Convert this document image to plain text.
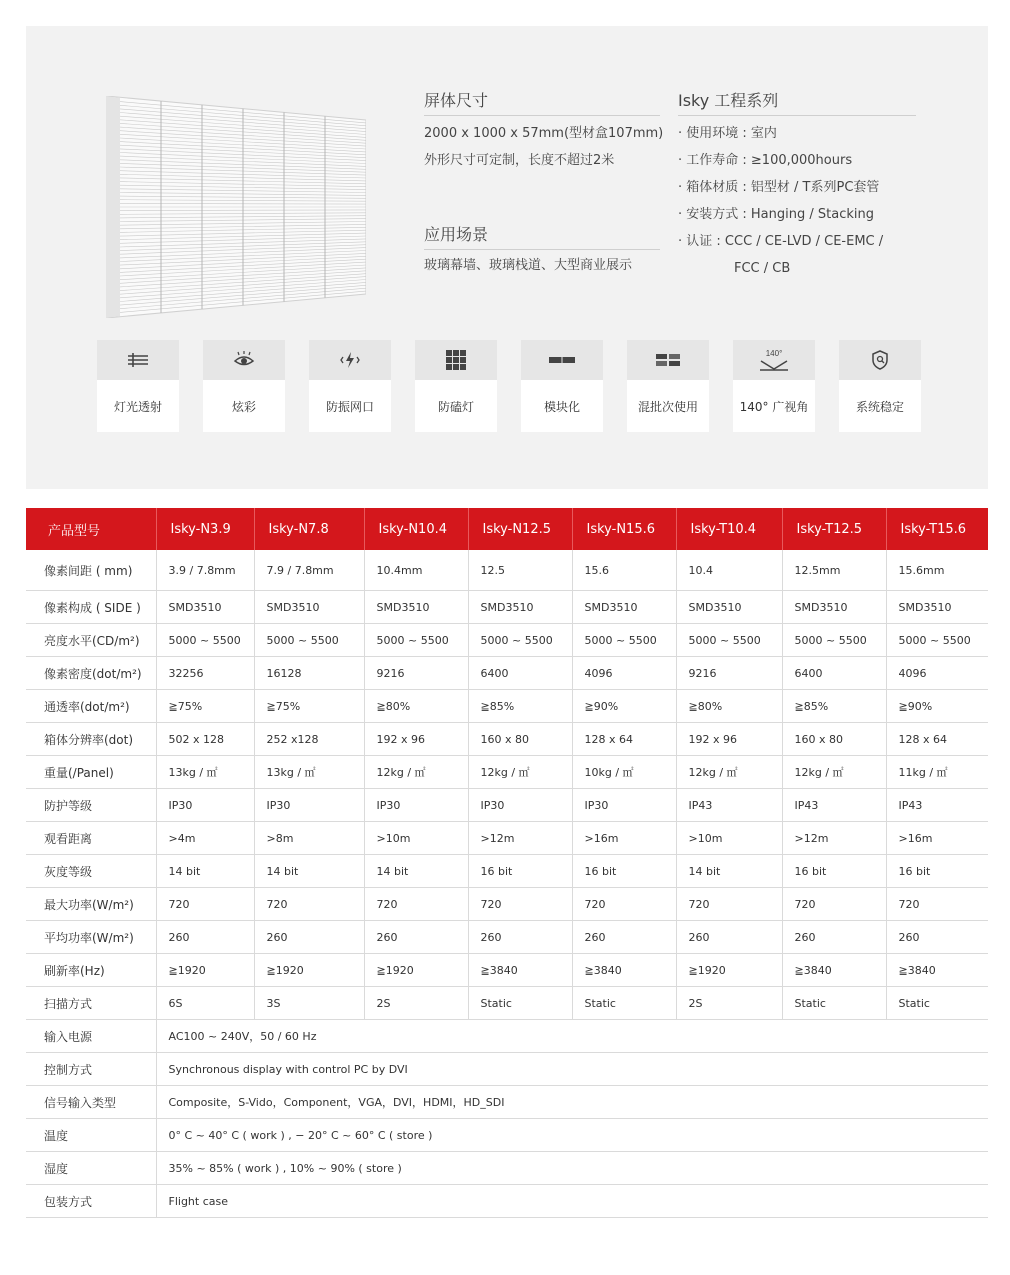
屏体尺寸
2000 x 1000 x 57mm(型材盒107mm)
外形尺寸可定制，长度不超过2米
应用场景
玻璃幕墙、玻璃栈道、大型商业展示
Isky 工程系列
· 使用环境 : 室内
· 工作寿命 : ≥100,000hours
· 箱体材质 : 铝型材 / T系列PC套管
· 安装方式 : Hanging / Stacking
· 认证 : CCC / CE-LVD / CE-EMC /
FCC / CB
灯光透射	炫彩	防振网口	防磕灯	模块化	混批次使用
140°
140° 广视角	系统稳定
产品型号	Isky-N3.9	Isky-N7.8	Isky-N10.4	Isky-N12.5	Isky-N15.6	Isky-T10.4	Isky-T12.5	Isky-T15.6
像素间距 ( mm)	3.9 / 7.8mm	7.9 / 7.8mm	10.4mm	12.5	15.6	10.4	12.5mm	15.6mm
像素构成 ( SIDE )	SMD3510	SMD3510	SMD3510	SMD3510	SMD3510	SMD3510	SMD3510	SMD3510
亮度水平(CD/m²)	5000 ~ 5500	5000 ~ 5500	5000 ~ 5500	5000 ~ 5500	5000 ~ 5500	5000 ~ 5500	5000 ~ 5500	5000 ~ 5500
像素密度(dot/m²)	32256	16128	9216	6400	4096	9216	6400	4096
通透率(dot/m²)	≧75%	≧75%	≧80%	≧85%	≧90%	≧80%	≧85%	≧90%
箱体分辨率(dot)	502 x 128	252 x128	192 x 96	160 x 80	128 x 64	192 x 96	160 x 80	128 x 64
重量(/Panel)	13kg / ㎡	13kg / ㎡	12kg / ㎡	12kg / ㎡	10kg / ㎡	12kg / ㎡	12kg / ㎡	11kg / ㎡
防护等级	IP30	IP30	IP30	IP30	IP30	IP43	IP43	IP43
观看距离	>4m	>8m	>10m	>12m	>16m	>10m	>12m	>16m
灰度等级	14 bit	14 bit	14 bit	16 bit	16 bit	14 bit	16 bit	16 bit
最大功率(W/m²)	720	720	720	720	720	720	720	720
平均功率(W/m²)	260	260	260	260	260	260	260	260
刷新率(Hz)	≧1920	≧1920	≧1920	≧3840	≧3840	≧1920	≧3840	≧3840
扫描方式	6S	3S	2S	Static	Static	2S	Static	Static
输入电源	AC100 ~ 240V，50 / 60 Hz							
控制方式	Synchronous display with control PC by DVI							
信号输入类型	Composite，S-Vido，Component，VGA，DVI，HDMI，HD_SDI							
温度	0° C ~ 40° C ( work ) , − 20° C ~ 60° C ( store )							
湿度	35% ~ 85% ( work ) , 10% ~ 90% ( store )							
包装方式	Flight case							
